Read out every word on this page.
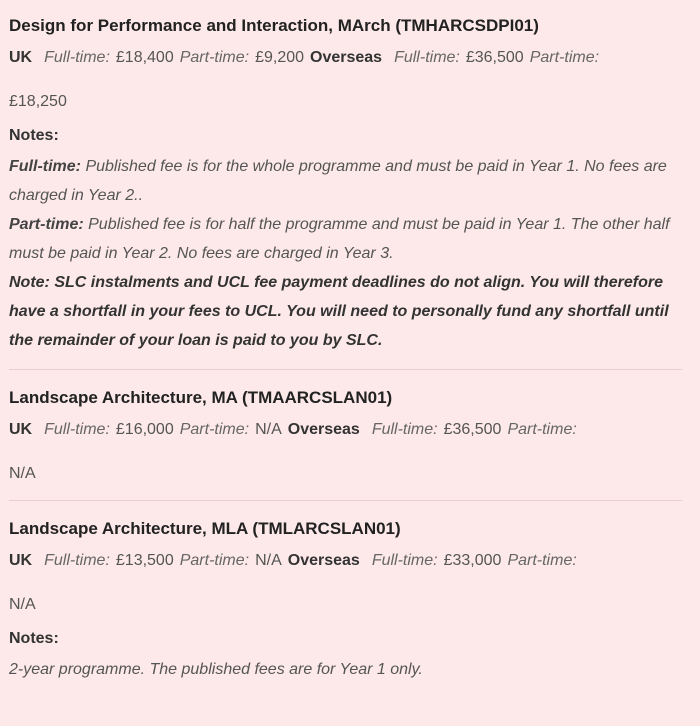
Design for Performance and Interaction, MArch (TMHARCSDPI01)
UK Full-time: £18,400 Part-time: £9,200 Overseas Full-time: £36,500 Part-time:
£18,250
Notes:
Full-time: Published fee is for the whole programme and must be paid in Year 1. No fees are charged in Year 2..
Part-time: Published fee is for half the programme and must be paid in Year 1. The other half must be paid in Year 2. No fees are charged in Year 3.
Note: SLC instalments and UCL fee payment deadlines do not align. You will therefore have a shortfall in your fees to UCL. You will need to personally fund any shortfall until the remainder of your loan is paid to you by SLC.
Landscape Architecture, MA (TMAARCSLAN01)
UK Full-time: £16,000 Part-time: N/A Overseas Full-time: £36,500 Part-time:
N/A
Landscape Architecture, MLA (TMLARCSLAN01)
UK Full-time: £13,500 Part-time: N/A Overseas Full-time: £33,000 Part-time:
N/A
Notes:
2-year programme. The published fees are for Year 1 only.
